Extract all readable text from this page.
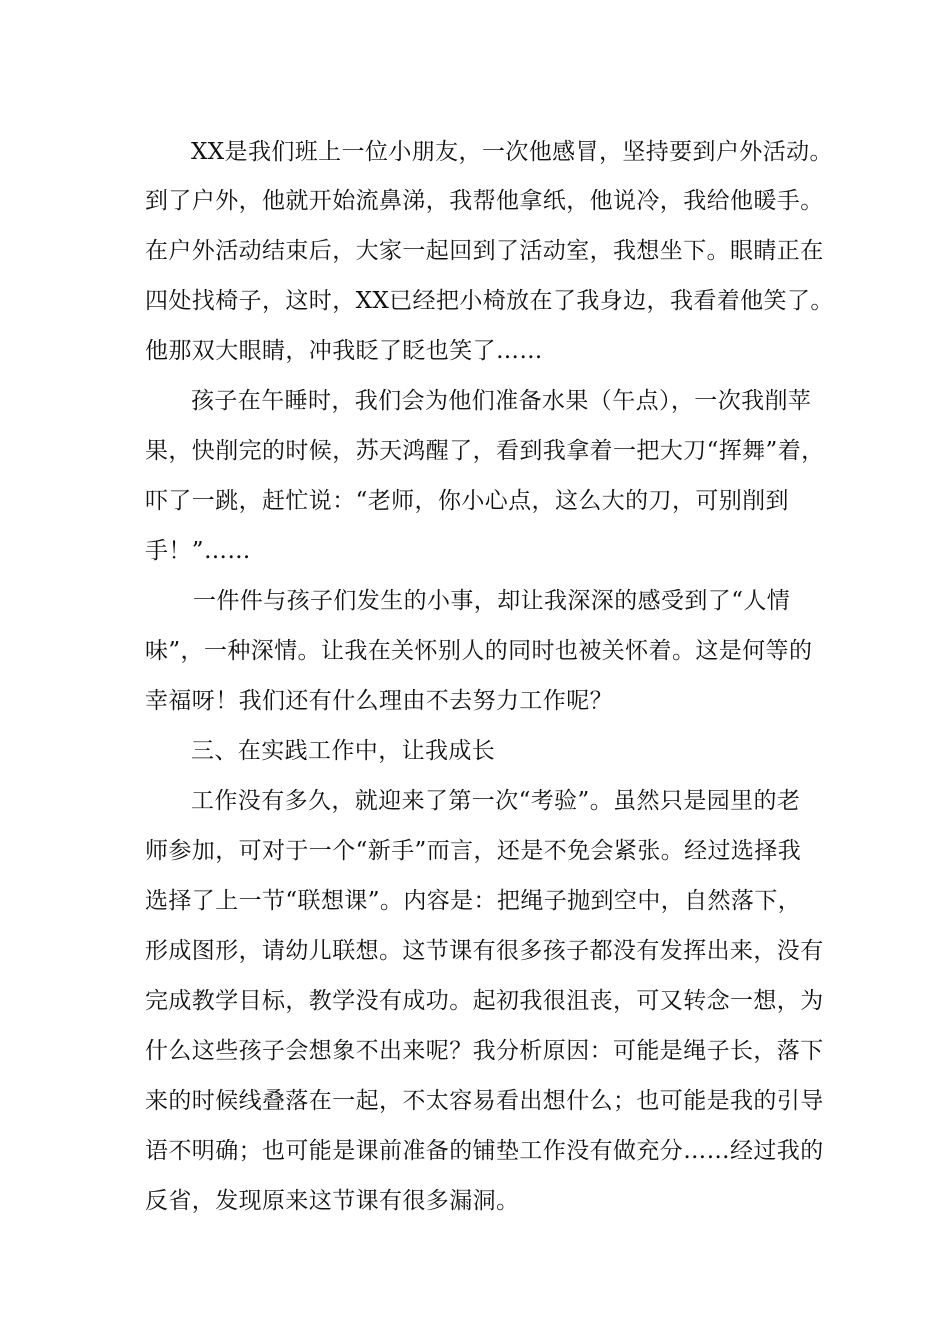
XX是我们班上一位小朋友，一次他感冒，坚持要到户外活动。
到了户外，他就开始流鼻涕，我帮他拿纸，他说冷，我给他暖手。
在户外活动结束后，大家一起回到了活动室，我想坐下。眼睛正在
四处找椅子，这时，XX已经把小椅放在了我身边，我看着他笑了。
他那双大眼睛，冲我眨了眨也笑了……
孩子在午睡时，我们会为他们准备水果（午点），一次我削苹
果，快削完的时候，苏天鸿醒了，看到我拿着一把大刀“挥舞”着，
吓了一跳，赶忙说：“老师，你小心点，这么大的刀，可别削到
手！”……
一件件与孩子们发生的小事，却让我深深的感受到了“人情
味”，一种深情。让我在关怀别人的同时也被关怀着。这是何等的
幸福呀！我们还有什么理由不去努力工作呢？
三、在实践工作中，让我成长
工作没有多久，就迎来了第一次“考验”。虽然只是园里的老
师参加，可对于一个“新手”而言，还是不免会紧张。经过选择我
选择了上一节“联想课”。内容是：把绳子抛到空中，自然落下，
形成图形，请幼儿联想。这节课有很多孩子都没有发挥出来，没有
完成教学目标，教学没有成功。起初我很沮丧，可又转念一想，为
什么这些孩子会想象不出来呢？我分析原因：可能是绳子长，落下
来的时候线叠落在一起，不太容易看出想什么；也可能是我的引导
语不明确；也可能是课前准备的铺垫工作没有做充分……经过我的
反省，发现原来这节课有很多漏洞。
